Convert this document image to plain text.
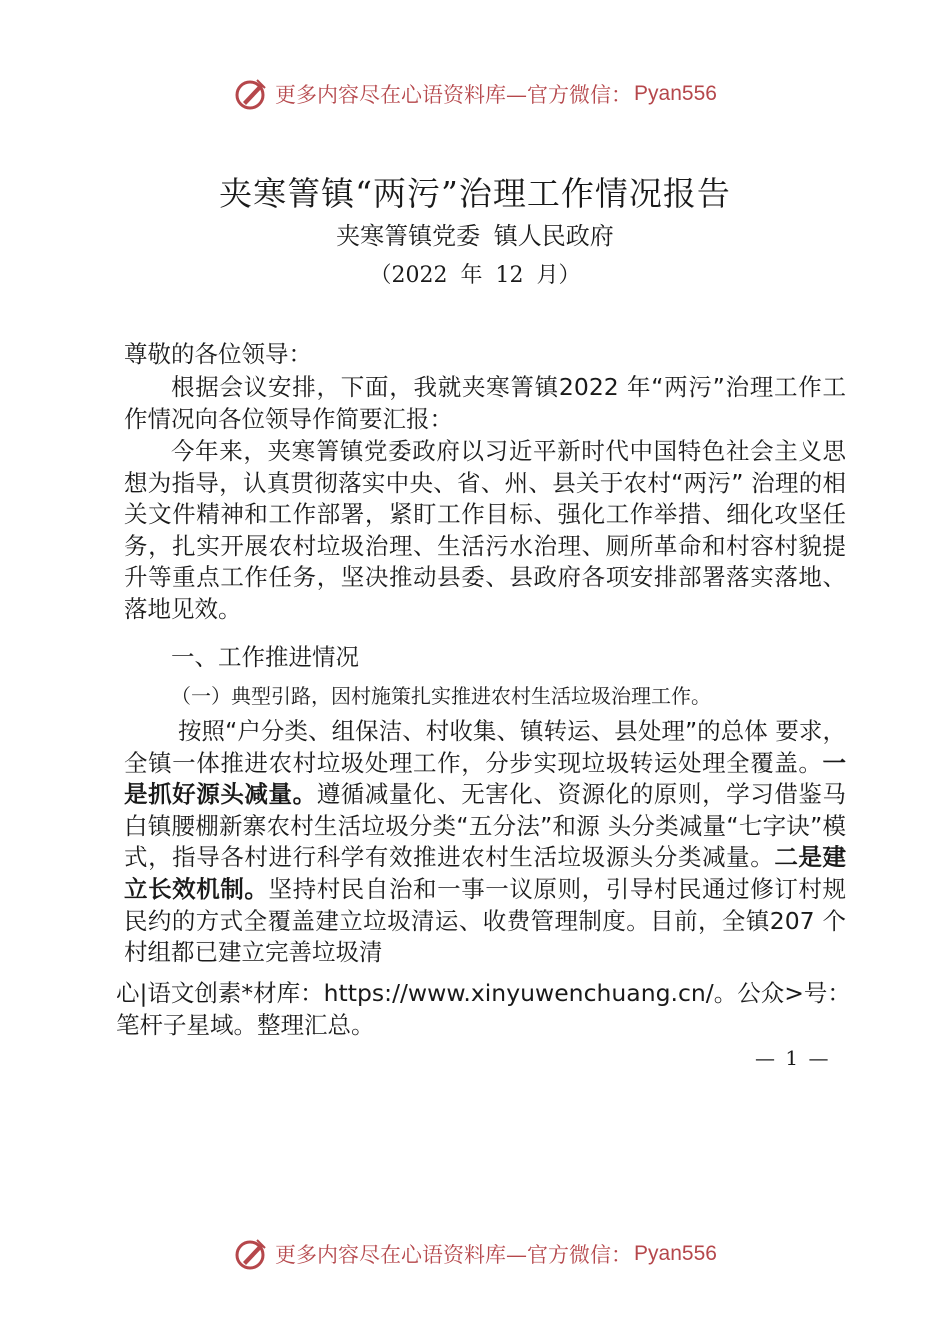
更多内容尽在心语资料库—官方微信： Pyan556
夹寒箐镇“两污”治理工作情况报告
夹寒箐镇党委 镇人民政府
（2022 年 12 月）
尊敬的各位领导：
根据会议安排，下面，我就夹寒箐镇2022 年“两污”治理工作工作情况向各位领导作简要汇报：
今年来，夹寒箐镇党委政府以习近平新时代中国特色社会主义思想为指导，认真贯彻落实中央、省、州、县关于农村“两污” 治理的相关文件精神和工作部署，紧盯工作目标、强化工作举措、细化攻坚任务，扎实开展农村垃圾治理、生活污水治理、厕所革命和村容村貌提升等重点工作任务，坚决推动县委、县政府各项安排部署落实落地、落地见效。
一、工作推进情况
（一）典型引路，因村施策扎实推进农村生活垃圾治理工作。
按照“户分类、组保洁、村收集、镇转运、县处理”的总体 要求，全镇一体推进农村垃圾处理工作，分步实现垃圾转运处理全覆盖。一是抓好源头减量。遵循减量化、无害化、资源化的原则，学习借鉴马白镇腰棚新寨农村生活垃圾分类“五分法”和源 头分类减量“七字诀”模式，指导各村进行科学有效推进农村生活垃圾源头分类减量。二是建立长效机制。坚持村民自治和一事一议原则，引导村民通过修订村规民约的方式全覆盖建立垃圾清运、收费管理制度。目前，全镇207 个村组都已建立完善垃圾清
心|语文创素*材库：https://www.xinyuwenchuang.cn/。公众>号：笔杆子星域。整理汇总。
— 1 —
更多内容尽在心语资料库—官方微信： Pyan556
